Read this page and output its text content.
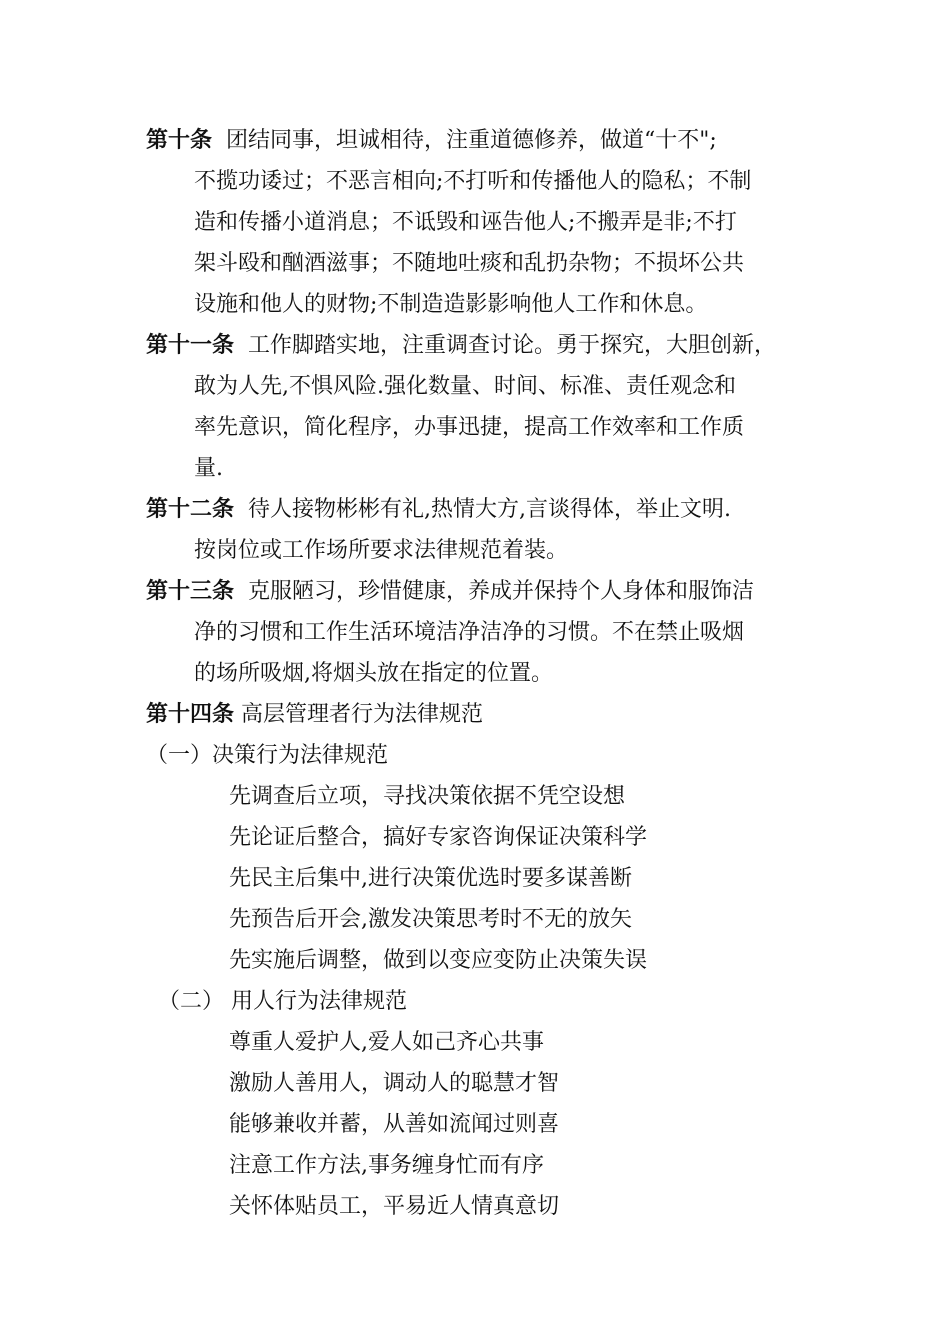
第十条 团结同事，坦诚相待，注重道德修养，做道“十不";
不揽功诿过；不恶言相向;不打听和传播他人的隐私；不制
造和传播小道消息；不诋毁和诬告他人;不搬弄是非;不打
架斗殴和酗酒滋事；不随地吐痰和乱扔杂物；不损坏公共
设施和他人的财物;不制造造影影响他人工作和休息。
第十一条 工作脚踏实地，注重调查讨论。勇于探究，大胆创新，
敢为人先,不惧风险.强化数量、时间、标准、责任观念和
率先意识，简化程序，办事迅捷，提高工作效率和工作质
量.
第十二条 待人接物彬彬有礼,热情大方,言谈得体，举止文明.
按岗位或工作场所要求法律规范着装。
第十三条 克服陋习，珍惜健康，养成并保持个人身体和服饰洁
净的习惯和工作生活环境洁净洁净的习惯。不在禁止吸烟
的场所吸烟,将烟头放在指定的位置。
第十四条 高层管理者行为法律规范
（一）决策行为法律规范
先调查后立项，寻找决策依据不凭空设想
先论证后整合，搞好专家咨询保证决策科学
先民主后集中,进行决策优选时要多谋善断
先预告后开会,激发决策思考时不无的放矢
先实施后调整，做到以变应变防止决策失误
（二） 用人行为法律规范
尊重人爱护人,爱人如己齐心共事
激励人善用人，调动人的聪慧才智
能够兼收并蓄，从善如流闻过则喜
注意工作方法,事务缠身忙而有序
关怀体贴员工，平易近人情真意切
